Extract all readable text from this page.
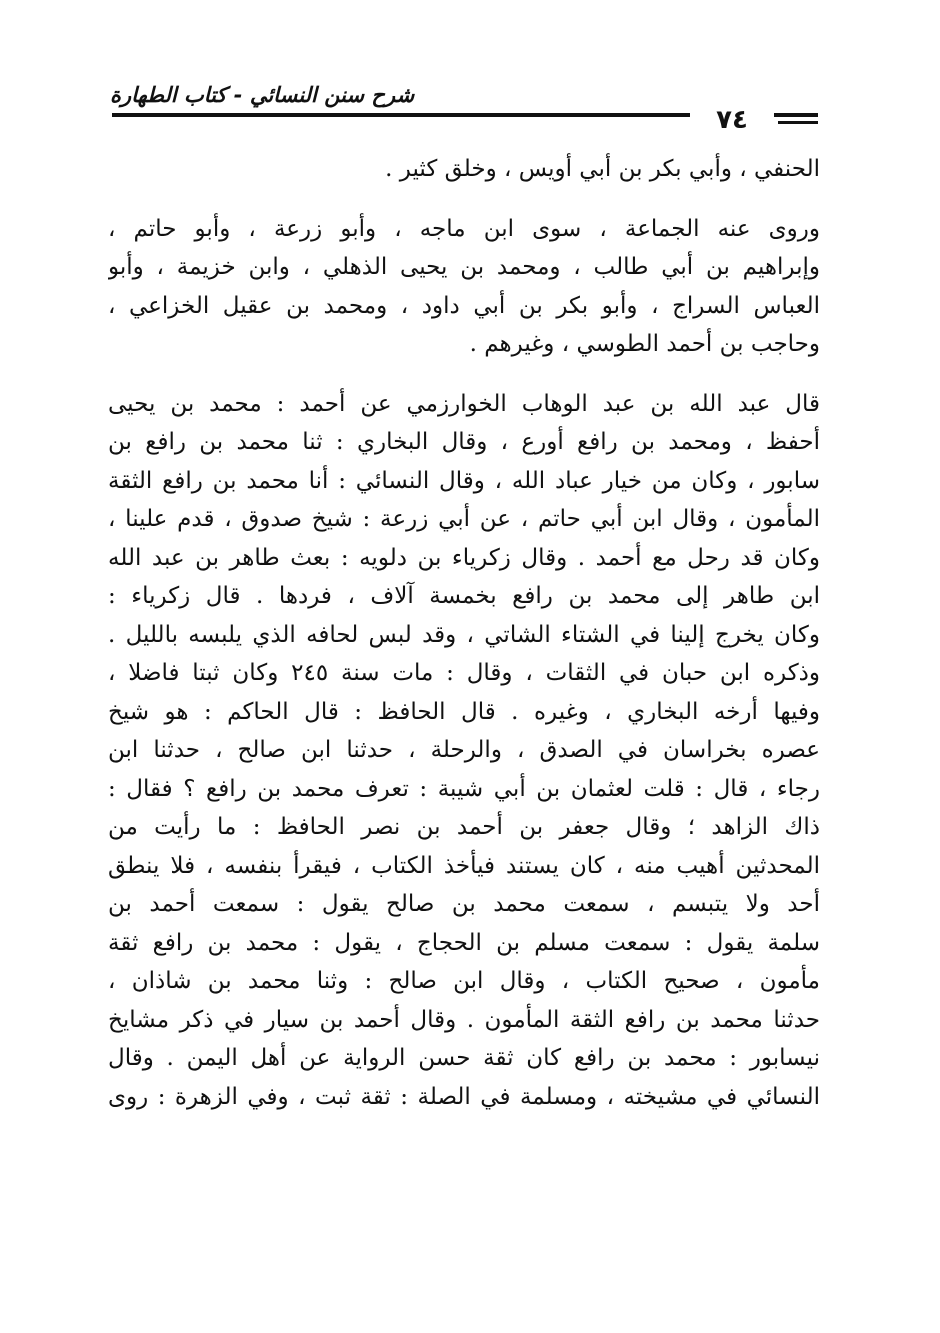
شرح سنن النسائي - كتاب الطهارة
٧٤
الحنفي ، وأبي بكر بن أبي أويس ، وخلق كثير .
وروى عنه الجماعة ، سوى ابن ماجه ، وأبو زرعة ، وأبو حاتم ،
وإبراهيم بن أبي طالب ، ومحمد بن يحيى الذهلي ، وابن خزيمة ، وأبو
العباس السراج ، وأبو بكر بن أبي داود ، ومحمد بن عقيل الخزاعي ،
وحاجب بن أحمد الطوسي ، وغيرهم .
قال عبد الله بن عبد الوهاب الخوارزمي عن أحمد : محمد بن يحيى
أحفظ ، ومحمد بن رافع أورع ، وقال البخاري : ثنا محمد بن رافع بن
سابور ، وكان من خيار عباد الله ، وقال النسائي : أنا محمد بن رافع الثقة
المأمون ، وقال ابن أبي حاتم ، عن أبي زرعة : شيخ صدوق ، قدم علينا ،
وكان قد رحل مع أحمد . وقال زكرياء بن دلويه : بعث طاهر بن عبد الله
ابن طاهر إلى محمد بن رافع بخمسة آلاف ، فردها . قال زكرياء :
وكان يخرج إلينا في الشتاء الشاتي ، وقد لبس لحافه الذي يلبسه بالليل .
وذكره ابن حبان في الثقات ، وقال : مات سنة ٢٤٥ وكان ثبتا فاضلا ،
وفيها أرخه البخاري ، وغيره . قال الحافظ : قال الحاكم : هو شيخ
عصره بخراسان في الصدق ، والرحلة ، حدثنا ابن صالح ، حدثنا ابن
رجاء ، قال : قلت لعثمان بن أبي شيبة : تعرف محمد بن رافع ؟ فقال :
ذاك الزاهد ؛ وقال جعفر بن أحمد بن نصر الحافظ : ما رأيت من
المحدثين أهيب منه ، كان يستند فيأخذ الكتاب ، فيقرأ بنفسه ، فلا ينطق
أحد ولا يتبسم ، سمعت محمد بن صالح يقول : سمعت أحمد بن
سلمة يقول : سمعت مسلم بن الحجاج ، يقول : محمد بن رافع ثقة
مأمون ، صحيح الكتاب ، وقال ابن صالح : وثنا محمد بن شاذان ،
حدثنا محمد بن رافع الثقة المأمون . وقال أحمد بن سيار في ذكر مشايخ
نيسابور : محمد بن رافع كان ثقة حسن الرواية عن أهل اليمن . وقال
النسائي في مشيخته ، ومسلمة في الصلة : ثقة ثبت ، وفي الزهرة : روى
